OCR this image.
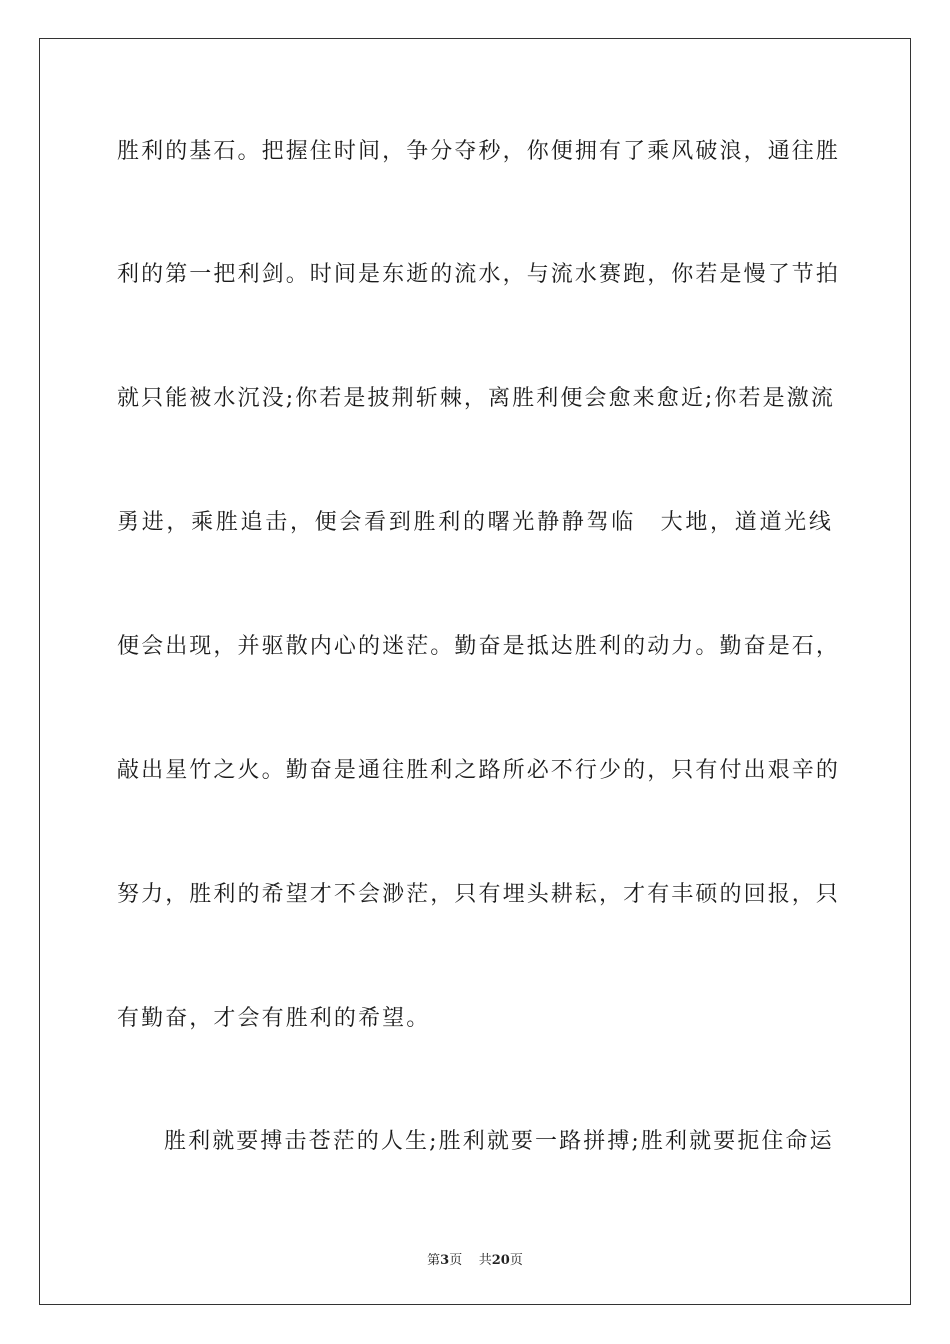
胜利的基石。把握住时间，争分夺秒，你便拥有了乘风破浪，通往胜
利的第一把利剑。时间是东逝的流水，与流水赛跑，你若是慢了节拍
就只能被水沉没;你若是披荆斩棘，离胜利便会愈来愈近;你若是激流
勇进，乘胜追击，便会看到胜利的曙光静静驾临　大地，道道光线
便会出现，并驱散内心的迷茫。勤奋是抵达胜利的动力。勤奋是石，
敲出星竹之火。勤奋是通往胜利之路所必不行少的，只有付出艰辛的
努力，胜利的希望才不会渺茫，只有埋头耕耘，才有丰硕的回报，只
有勤奋，才会有胜利的希望。
胜利就要搏击苍茫的人生;胜利就要一路拼搏;胜利就要扼住命运
第3页 共20页
